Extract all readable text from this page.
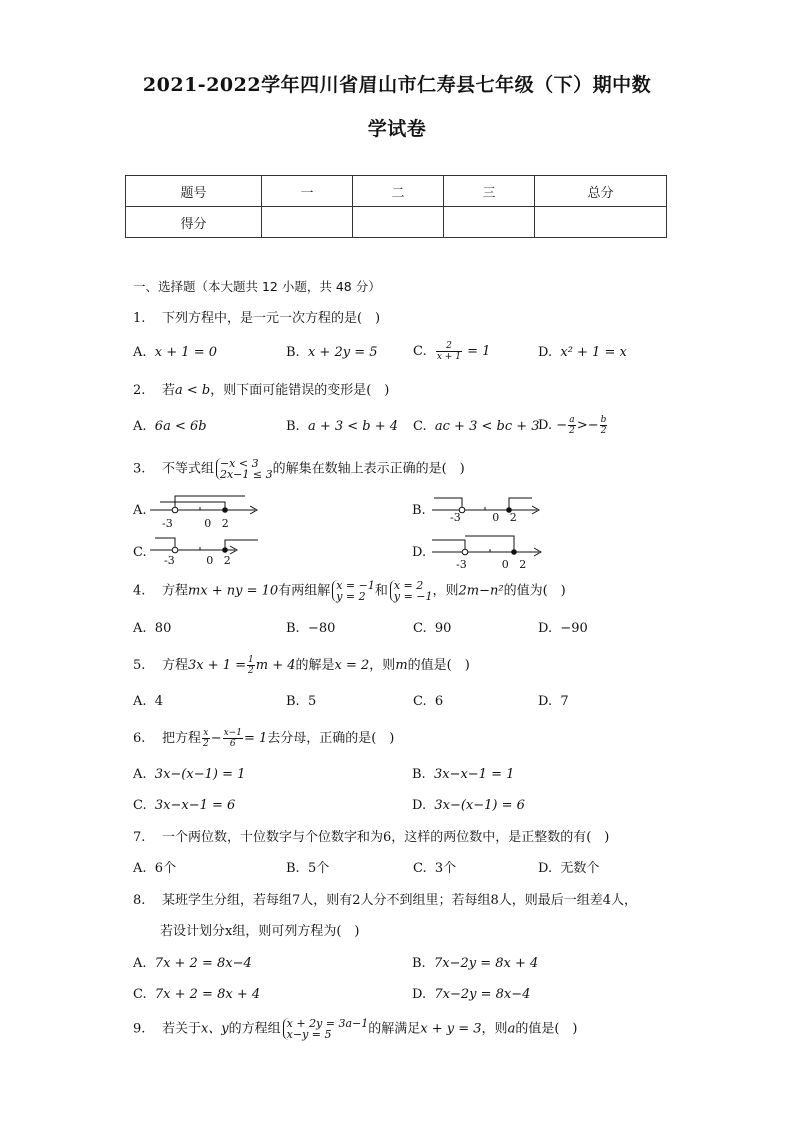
2021-2022学年四川省眉山市仁寿县七年级（下）期中数
学试卷
题号	一	二	三	总分
得分				
一、选择题（本大题共 12 小题，共 48 分）
1. 下列方程中，是一元一次方程的是(　)
A. x + 1 = 0	B. x + 2y = 5	C. $\frac{2}{x + 1} = 1$	D. x² + 1 = x
2. 若a < b，则下面可能错误的变形是(　)
A. 6a < 6b	B. a + 3 < b + 4 C. ac + 3 < bc + 3
D. − $\frac{a}{2} >- \frac{b}{2}$
3. 不等式组 −x < 3
2x−1 ≤ 3 的解集在数轴上表示正确的是(　)
A.
-3	0 2
B. -3	0 2
C.
-3	0 2
D.
-3	0 2
4. 方程mx + ny = 10有两组解 x = −1
y = 2 和 x = 2
y = −1 ，则2m−n²的值为(　)
A. 80	B. −80	C. 90	D. −90
5. 方程$3x + 1 = \frac{1}{2}$ m + 4的解是x = 2，则m的值是(　)
A. 4	B. 5	C. 6	D. 7
6. 把方程 $\frac{x}{2} - \frac{x-1}{6} = 1$去分母，正确的是(　)
A. 3x−(x−1) = 1	B. 3x−x−1 = 1
C. 3x−x−1 = 6	D. 3x−(x−1) = 6
7. 一个两位数，十位数字与个位数字和为6，这样的两位数中，是正整数的有(　)
A. 6个	B. 5个	C. 3个	D. 无数个
8. 某班学生分组，若每组7人，则有2人分不到组里；若每组8人，则最后一组差4人，
若设计划分x组，则可列方程为(　)
A. 7x + 2 = 8x−4	B. 7x−2y = 8x + 4
C. 7x + 2 = 8x + 4	D. 7x−2y = 8x−4
9. 若关于x、y的方程组 x + 2y = 3a−1
x−y = 5	的解满足x + y = 3，则a的值是(　)
